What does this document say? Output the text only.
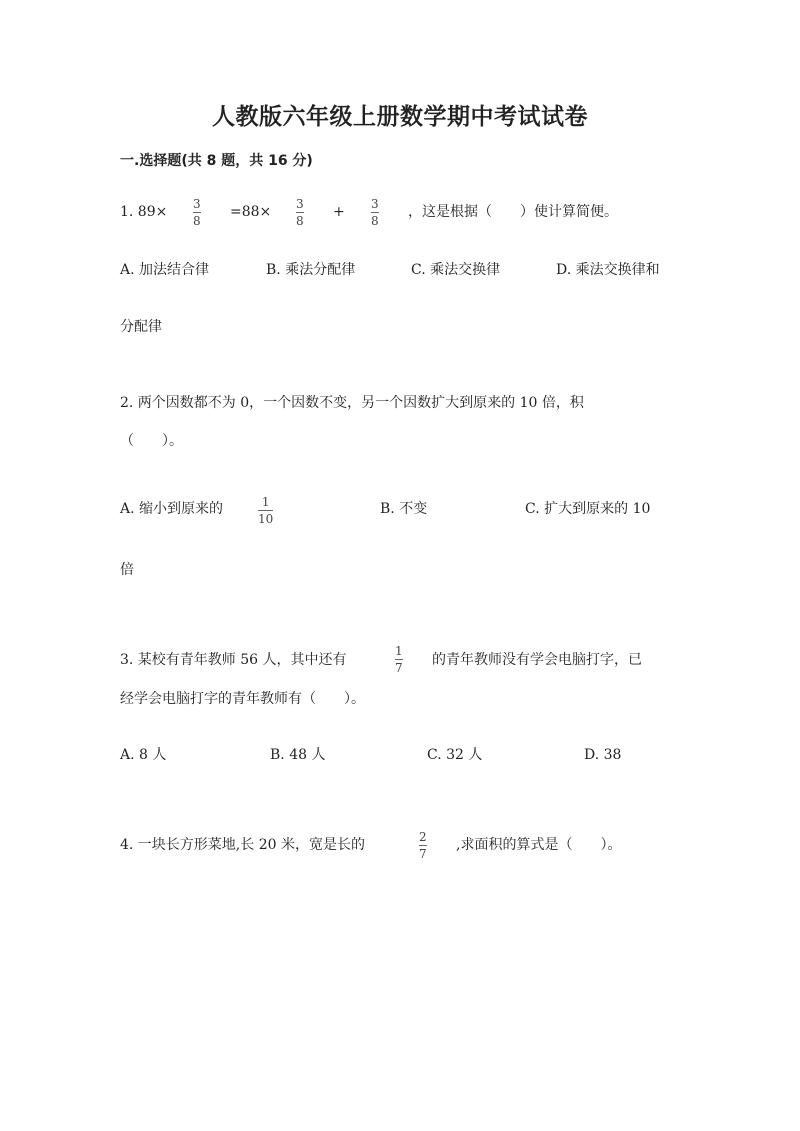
人教版六年级上册数学期中考试试卷
一.选择题(共 8 题，共 16 分)
1. 89× 3
8
=88× 3
8
+ 3
8
，这是根据（　　）使计算简便。
A. 加法结合律	B. 乘法分配律	C. 乘法交换律	D. 乘法交换律和
分配律
2. 两个因数都不为 0，一个因数不变，另一个因数扩大到原来的 10 倍，积
（　　）。
A. 缩小到原来的	1
10
B. 不变	C. 扩大到原来的 10
倍
3. 某校有青年教师 56 人，其中还有
1
7 的青年教师没有学会电脑打字，已
经学会电脑打字的青年教师有（　　）。
A. 8 人	B. 48 人	C. 32 人	D. 38
4. 一块长方形菜地,长 20 米，宽是长的	2
7
,求面积的算式是（　　）。
